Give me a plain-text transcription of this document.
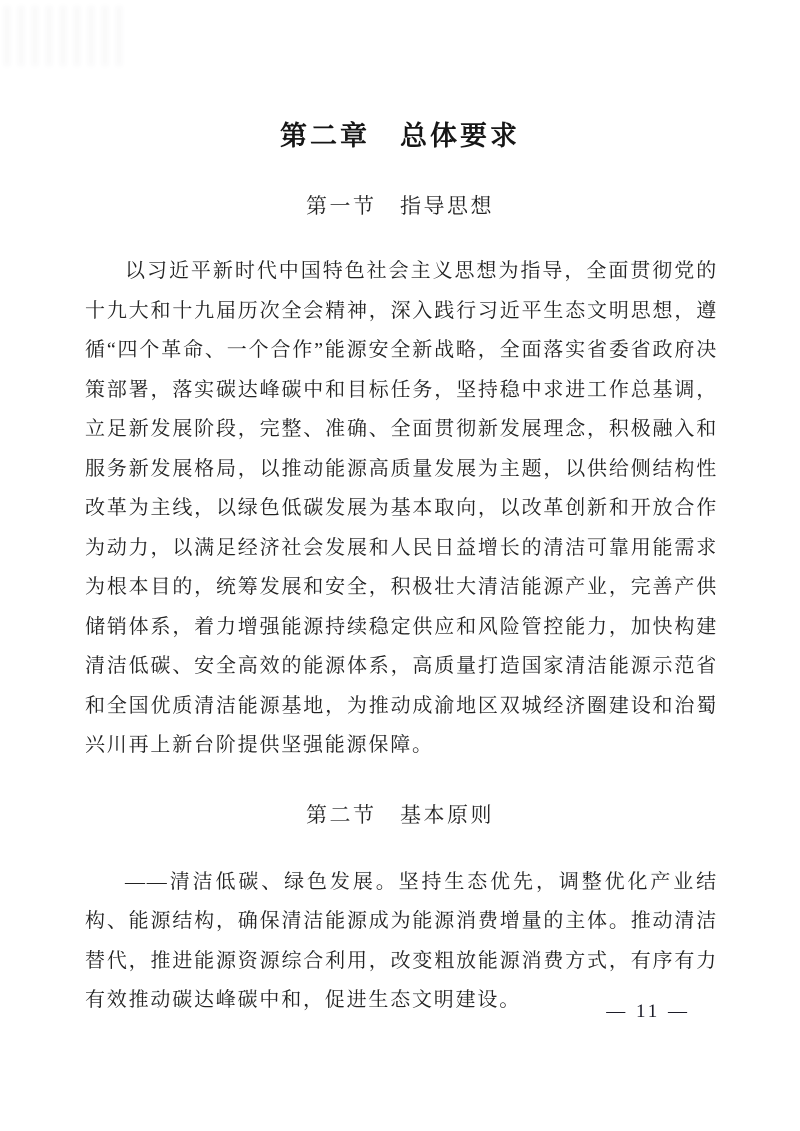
第二章　总体要求
第一节　指导思想

以习近平新时代中国特色社会主义思想为指导，全面贯彻党的十九大和十九届历次全会精神，深入践行习近平生态文明思想，遵循“四个革命、一个合作”能源安全新战略，全面落实省委省政府决策部署，落实碳达峰碳中和目标任务，坚持稳中求进工作总基调，立足新发展阶段，完整、准确、全面贯彻新发展理念，积极融入和服务新发展格局，以推动能源高质量发展为主题，以供给侧结构性改革为主线，以绿色低碳发展为基本取向，以改革创新和开放合作为动力，以满足经济社会发展和人民日益增长的清洁可靠用能需求为根本目的，统筹发展和安全，积极壮大清洁能源产业，完善产供储销体系，着力增强能源持续稳定供应和风险管控能力，加快构建清洁低碳、安全高效的能源体系，高质量打造国家清洁能源示范省和全国优质清洁能源基地，为推动成渝地区双城经济圈建设和治蜀兴川再上新台阶提供坚强能源保障。

第二节　基本原则

——清洁低碳、绿色发展。坚持生态优先，调整优化产业结构、能源结构，确保清洁能源成为能源消费增量的主体。推动清洁替代，推进能源资源综合利用，改变粗放能源消费方式，有序有力有效推动碳达峰碳中和，促进生态文明建设。

— 11 —
